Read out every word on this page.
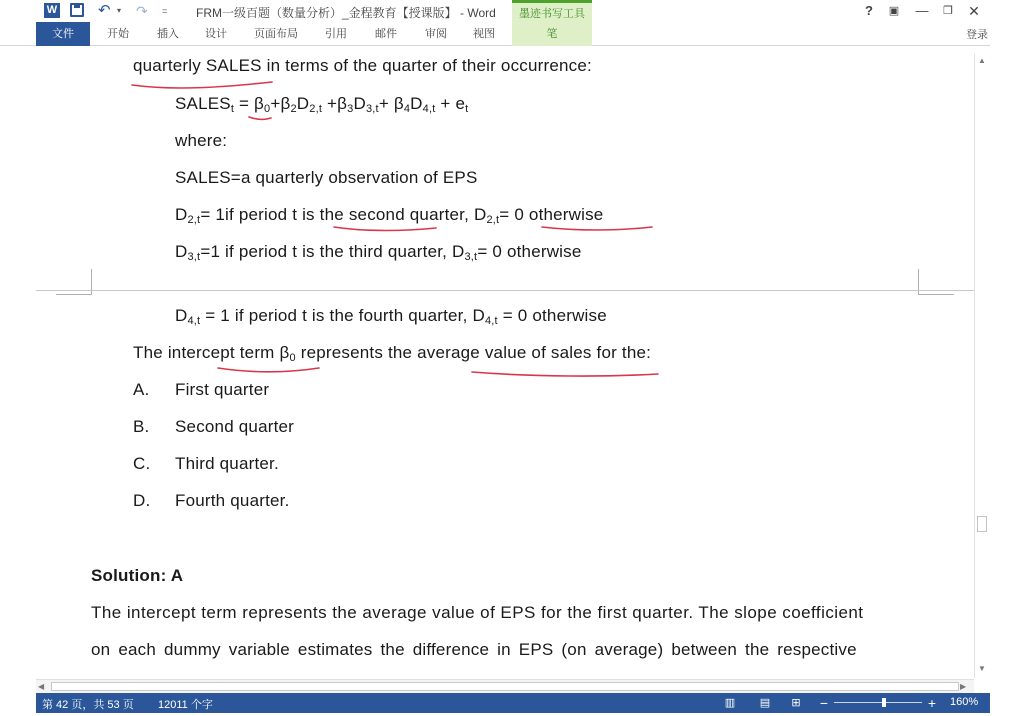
W	↶ ▾ ↷ = FRM一级百题（数量分析）_金程教育【授课版】 - Word	墨迹书写工具	?	▣	—	❐	✕
文件	开始	插入	设计	页面布局	引用	邮件	审阅	视图	笔	登录
quarterly SALES in terms of the quarter of their occurrence:
$SALES_t = \beta_0+\beta_2D_{2,t} +\beta_3D_{3,t}+ \beta_4D_{4,t} + e_t$
where:
SALES=a quarterly observation of EPS
$D_{2,t}= 1if$ period t is the second quarter, $D_{2,t}= 0$ otherwise
$D_{3,t}=1$ if period t is the third quarter, $D_{3,t}= 0$ otherwise
$D_{4,t} = 1$ if period t is the fourth quarter, $D_{4,t} = 0$ otherwise
The intercept term $\beta_0$ represents the average value of sales for the:
A. First quarter
B. Second quarter
C. Third quarter.
D. Fourth quarter.
Solution: A
The intercept term represents the average value of EPS for the first quarter. The slope coefficient
on each dummy variable estimates the difference in EPS (on average) between the respective
▲
▼
◀	▶
第 42 页，共 53 页 12011 个字	▥ ▤	⊞ −	+	160%
